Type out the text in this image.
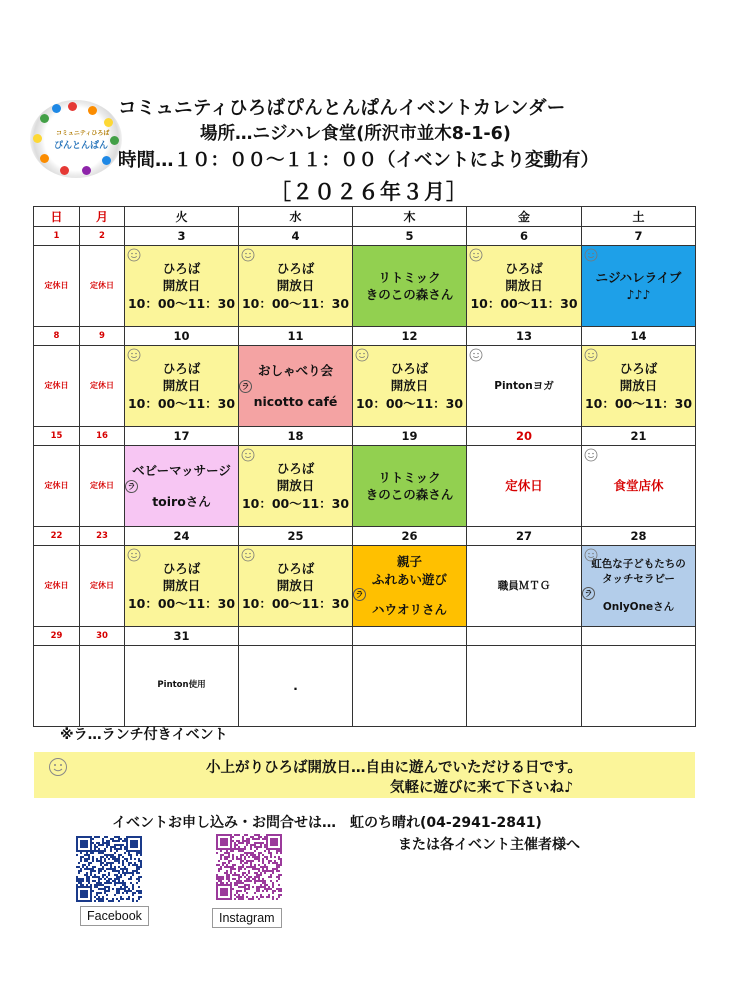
コミュニティひろば
ぴんとんぱん
コミュニティひろばぴんとんぱんイベントカレンダー
場所…ニジハレ食堂(所沢市並木8-1-6)
時間…１０：００～１１：００（イベントにより変動有）
［２０２６年３月］
日	月	火	水	木	金	土
1	2	3	4	5	6	7

定休日	定休日	ひろば
開放日
10：00～11：30	ひろば
開放日
10：00～11：30	リトミック
きのこの森さん	ひろば
開放日
10：00～11：30	ニジハレライブ
♪♪♪

8	9	10	11	12	13	14

定休日	定休日	ひろば
開放日
10：00～11：30	おしゃべり会
ラ
nicotto café	ひろば
開放日
10：00～11：30	Pintonヨガ	ひろば
開放日
10：00～11：30

15	16	17	18	19	20	21

定休日	定休日	ベビーマッサージ
ラ
toiroさん	ひろば
開放日
10：00～11：30	リトミック
きのこの森さん	定休日	食堂店休

22	23	24	25	26	27	28

定休日	定休日	ひろば
開放日
10：00～11：30	ひろば
開放日
10：00～11：30	親子
ふれあい遊び
ラ
ハウオリさん	職員ＭＴＧ	虹色な子どもたちの
タッチセラピー
ラ
OnlyOneさん

29	30	31				

		Pinton使用	.			

※ラ…ランチ付きイベント
小上がりひろば開放日…自由に遊んでいただける日です。
気軽に遊びに来て下さいね♪
イベントお申し込み・お問合せは…　虹のち晴れ(04-2941-2841)
または各イベント主催者様へ
Facebook	Instagram
